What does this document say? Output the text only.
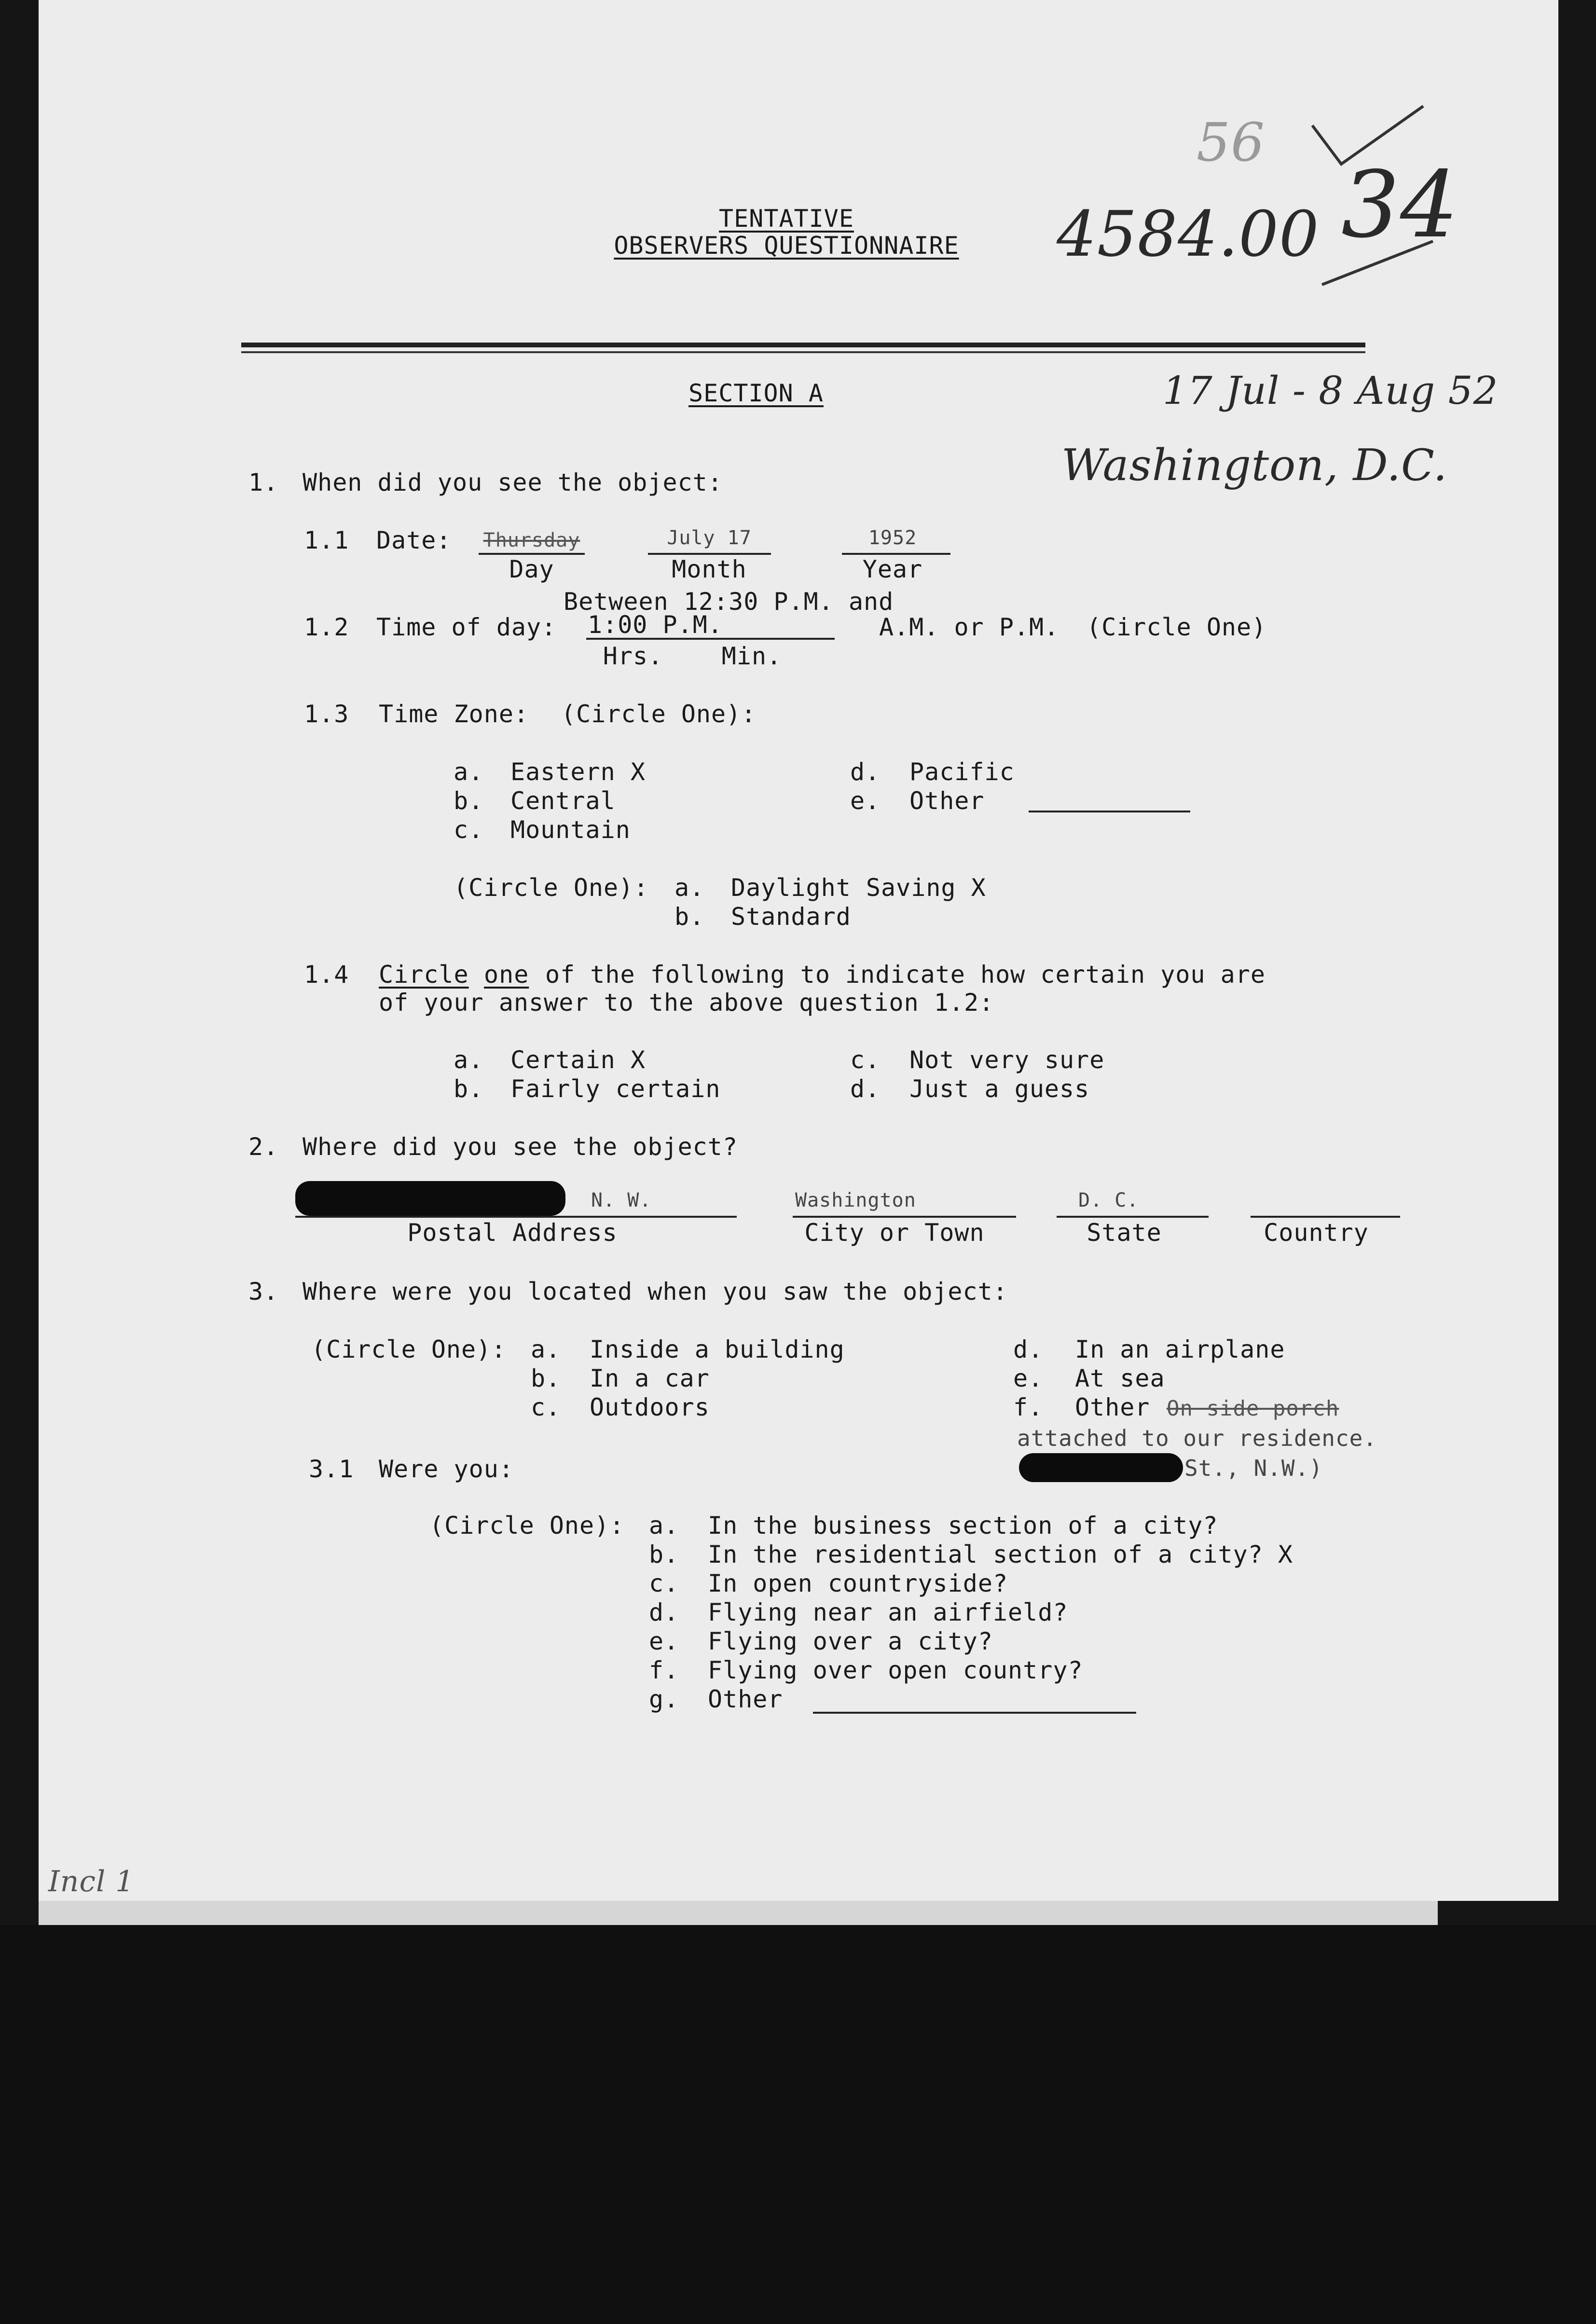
TENTATIVE
OBSERVERS QUESTIONNAIRE 4584.00 34
56
SECTION A	17 Jul - 8 Aug 52
Washington, D.C.
1. When did you see the object:
1.1 Date: Thursday
Day
July 17
Month
1952
Year
Between 12:30 P.M. and
1.2 Time of day: 1:00 P.M.
Hrs. Min.
A.M. or P.M. (Circle One)
1.3 Time Zone: (Circle One):
a. Eastern X
b. Central
c. Mountain
d. Pacific
e. Other
(Circle One): a. Daylight Saving X
b. Standard
1.4 Circle one of the following to indicate how certain you are
of your answer to the above question 1.2:
a. Certain X
b. Fairly certain
c. Not very sure
d. Just a guess
2. Where did you see the object?
N. W.
Postal Address
Washington
City or Town
D. C.
State	Country
3. Where were you located when you saw the object:
(Circle One): a. Inside a building
b. In a car
c. Outdoors
d. In an airplane
e. At sea
f. Other On side porch
attached to our residence.
St., N.W.)
3.1 Were you:
(Circle One): a. In the business section of a city?
b. In the residential section of a city? X
c. In open countryside?
d. Flying near an airfield?
e. Flying over a city?
f. Flying over open country?
g. Other
Incl 1
